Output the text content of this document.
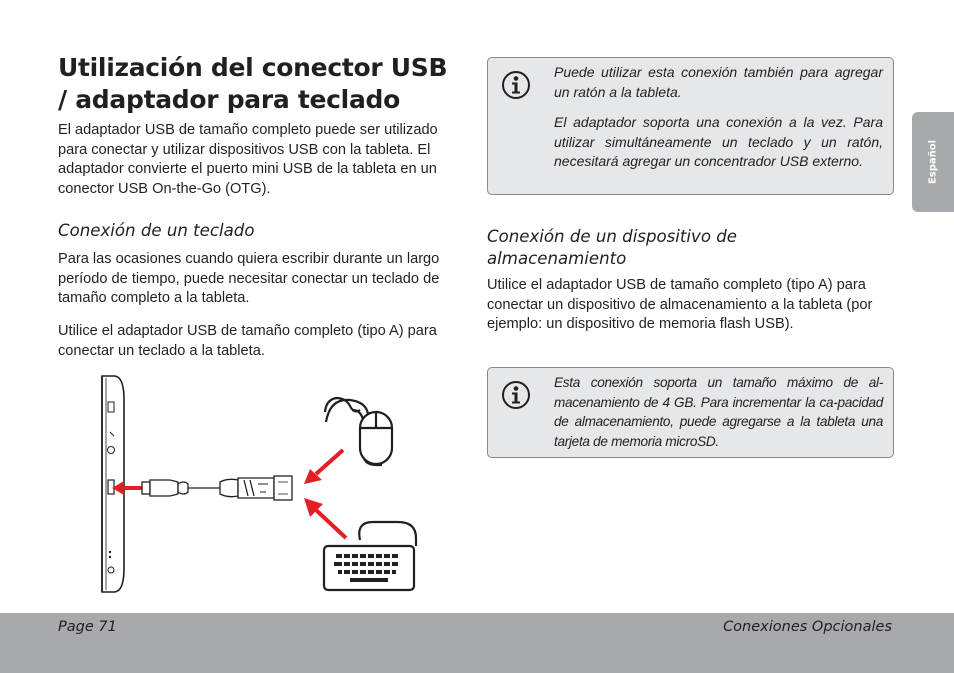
Utilización del conector USB / adaptador para teclado

El adaptador USB de tamaño completo puede ser utilizado para conectar y utilizar dispositivos USB con la tableta. El adaptador convierte el puerto mini USB de la tableta en un conector USB On-the-Go (OTG).

Conexión de un teclado

Para las ocasiones cuando quiera escribir durante un largo período de tiempo, puede necesitar conectar un teclado de tamaño completo a la tableta.

Utilice el adaptador USB de tamaño completo (tipo A) para conectar un teclado a la tableta.

Puede utilizar esta conexión también para agregar un ratón a la tableta.

El adaptador soporta una conexión a la vez. Para utilizar simultáneamente un teclado y un ratón, necesitará agregar un concentrador USB externo.

Conexión de un dispositivo de almacenamiento

Utilice el adaptador USB de tamaño completo (tipo A) para conectar un dispositivo de almacenamiento a la tableta (por ejemplo: un dispositivo de memoria flash USB).

Esta conexión soporta un tamaño máximo de al-macenamiento de 4 GB. Para incrementar la ca-pacidad de almacenamiento, puede agregarse a la tableta una tarjeta de memoria microSD.

Español
Page 71	Conexiones Opcionales
